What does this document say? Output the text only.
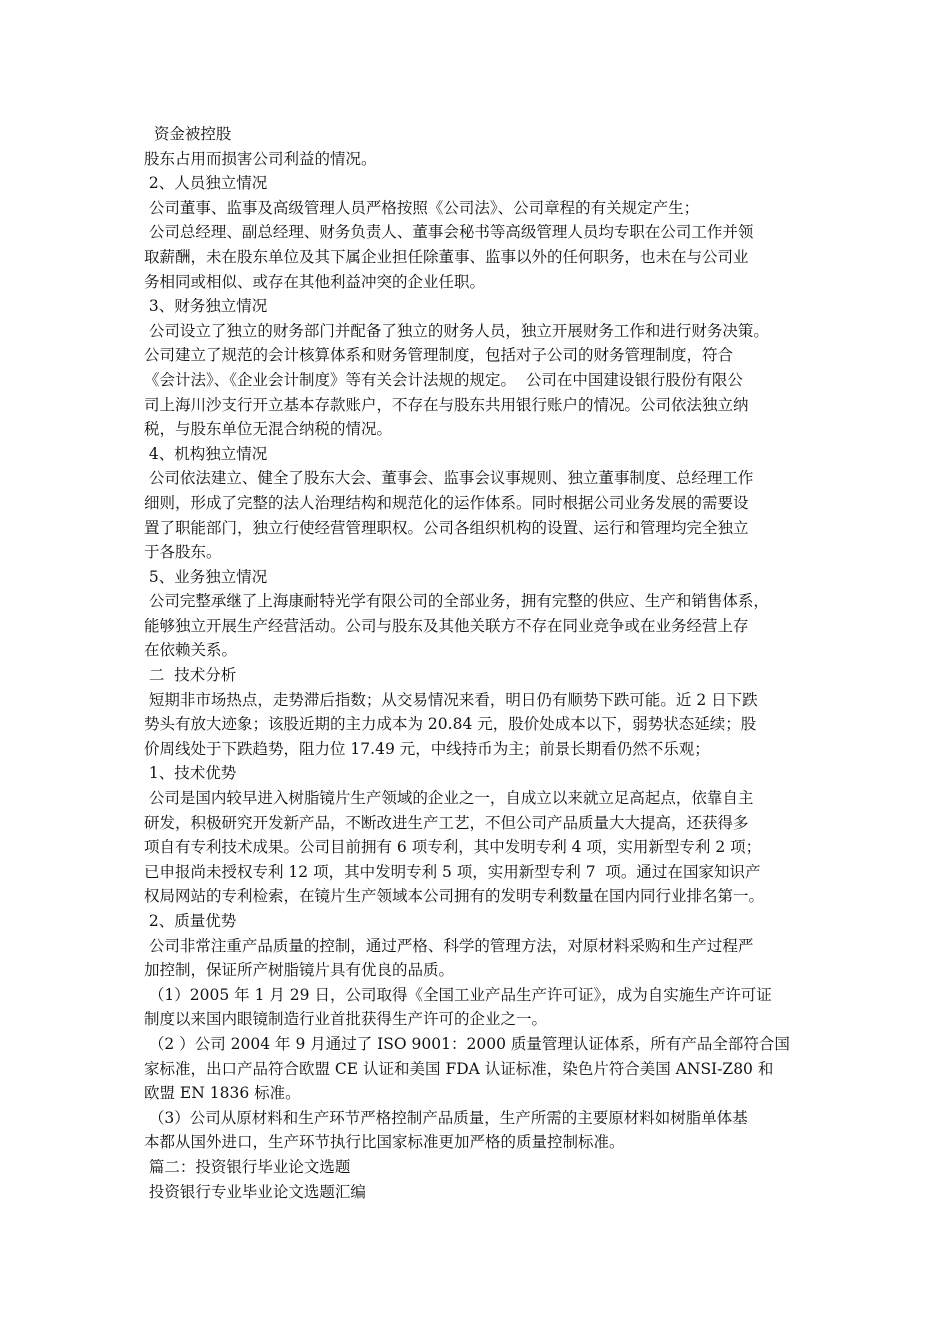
资金被控股
股东占用而损害公司利益的情况。
2、人员独立情况
公司董事、监事及高级管理人员严格按照《公司法》、公司章程的有关规定产生；
公司总经理、副总经理、财务负责人、董事会秘书等高级管理人员均专职在公司工作并领
取薪酬，未在股东单位及其下属企业担任除董事、监事以外的任何职务，也未在与公司业
务相同或相似、或存在其他利益冲突的企业任职。
3、财务独立情况
公司设立了独立的财务部门并配备了独立的财务人员，独立开展财务工作和进行财务决策。
公司建立了规范的会计核算体系和财务管理制度，包括对子公司的财务管理制度，符合
《会计法》、《企业会计制度》等有关会计法规的规定。  公司在中国建设银行股份有限公
司上海川沙支行开立基本存款账户，不存在与股东共用银行账户的情况。公司依法独立纳
税，与股东单位无混合纳税的情况。
4、机构独立情况
公司依法建立、健全了股东大会、董事会、监事会议事规则、独立董事制度、总经理工作
细则，形成了完整的法人治理结构和规范化的运作体系。同时根据公司业务发展的需要设
置了职能部门，独立行使经营管理职权。公司各组织机构的设置、运行和管理均完全独立
于各股东。
5、业务独立情况
公司完整承继了上海康耐特光学有限公司的全部业务，拥有完整的供应、生产和销售体系，
能够独立开展生产经营活动。公司与股东及其他关联方不存在同业竞争或在业务经营上存
在依赖关系。
二  技术分析
短期非市场热点，走势滞后指数；从交易情况来看，明日仍有顺势下跌可能。近 2 日下跌
势头有放大迹象；该股近期的主力成本为 20.84 元，股价处成本以下，弱势状态延续；股
价周线处于下跌趋势，阻力位 17.49 元，中线持币为主；前景长期看仍然不乐观；
1、技术优势
公司是国内较早进入树脂镜片生产领域的企业之一，自成立以来就立足高起点，依靠自主
研发，积极研究开发新产品，不断改进生产工艺，不但公司产品质量大大提高，还获得多
项自有专利技术成果。公司目前拥有 6 项专利，其中发明专利 4 项，实用新型专利 2 项；
已申报尚未授权专利 12 项，其中发明专利 5 项，实用新型专利 7  项。通过在国家知识产
权局网站的专利检索，在镜片生产领域本公司拥有的发明专利数量在国内同行业排名第一。
2、质量优势
公司非常注重产品质量的控制，通过严格、科学的管理方法，对原材料采购和生产过程严
加控制，保证所产树脂镜片具有优良的品质。
（1）2005 年 1 月 29 日，公司取得《全国工业产品生产许可证》，成为自实施生产许可证
制度以来国内眼镜制造行业首批获得生产许可的企业之一。
（2 ）公司 2004 年 9 月通过了 ISO 9001：2000 质量管理认证体系，所有产品全部符合国
家标准，出口产品符合欧盟 CE 认证和美国 FDA 认证标准，染色片符合美国 ANSI-Z80 和
欧盟 EN 1836 标准。
（3）公司从原材料和生产环节严格控制产品质量，生产所需的主要原材料如树脂单体基
本都从国外进口，生产环节执行比国家标准更加严格的质量控制标准。
篇二：投资银行毕业论文选题
投资银行专业毕业论文选题汇编
